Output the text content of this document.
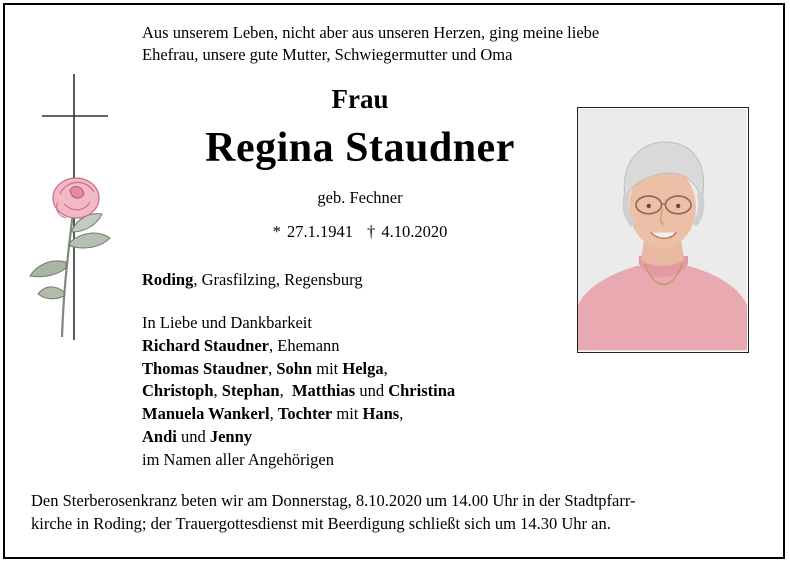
Aus unserem Leben, nicht aber aus unseren Herzen, ging meine liebe
Ehefrau, unsere gute Mutter, Schwiegermutter und Oma
Frau
Regina Staudner
geb. Fechner
* 27.1.1941 † 4.10.2020
Roding, Grasfilzing, Regensburg
In Liebe und Dankbarkeit
Richard Staudner, Ehemann
Thomas Staudner, Sohn mit Helga,
Christoph, Stephan,  Matthias und Christina
Manuela Wankerl, Tochter mit Hans,
Andi und Jenny
im Namen aller Angehörigen
Den Sterberosenkranz beten wir am Donnerstag, 8.10.2020 um 14.00 Uhr in der Stadtpfarr-
kirche in Roding; der Trauergottesdienst mit Beerdigung schließt sich um 14.30 Uhr an.
